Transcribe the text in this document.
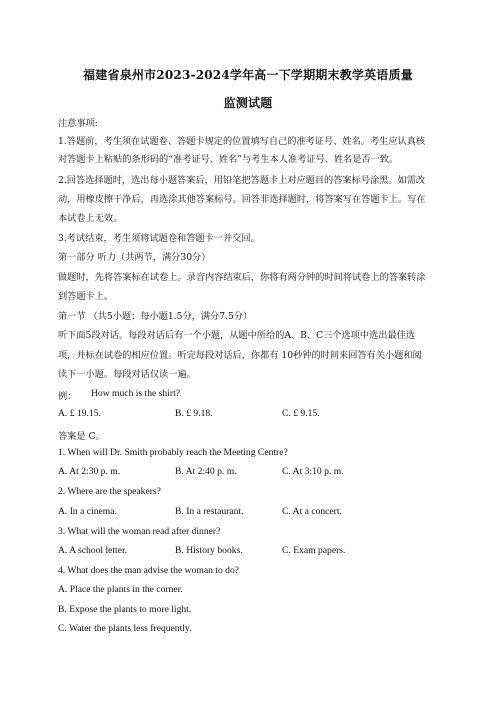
福建省泉州市2023-2024学年高一下学期期末教学英语质量
监测试题
注意事项:
1.答题前，考生须在试题卷、答题卡规定的位置填写自己的准考证号、姓名。考生应认真核
对答题卡上粘贴的条形码的“准考证号、姓名”与考生本人准考证号、姓名是否一致。
2.回答选择题时，选出每小题答案后，用铅笔把答题卡上对应题目的答案标号涂黑。如需改
动，用橡皮擦干净后，再选涂其他答案标号。回答非选择题时，将答案写在答题卡上。写在
本试卷上无效。
3.考试结束，考生须将试题卷和答题卡一并交回。
第一部分 听力（共两节，满分30分）
做题时，先将答案标在试卷上。录音内容结束后，你将有两分钟的时间将试卷上的答案转涂
到答题卡上。
第一节 （共5小题；每小题1.5分，满分7.5分）
听下面5段对话。每段对话后有一个小题，从题中所给的A、B、C三个选项中选出最佳选
项，并标在试卷的相应位置。听完每段对话后，你都有 10秒钟的时间来回答有关小题和阅
读下一小题。每段对话仅读一遍。
例： How much is the shirt?
A. £ 19.15.	B. £ 9.18.	C. £ 9.15.
答案是 C。
1. When will Dr. Smith probably reach the Meeting Centre?
A. At 2:30 p. m.	B. At 2:40 p. m.	C. At 3:10 p. m.
2. Where are the speakers?
A. In a cinema.	B. In a restaurant.	C. At a concert.
3. What will the woman read after dinner?
A. A school letter.	B. History books.	C. Exam papers.
4. What does the man advise the woman to do?
A. Place the plants in the corner.
B. Expose the plants to more light.
C. Water the plants less frequently.
